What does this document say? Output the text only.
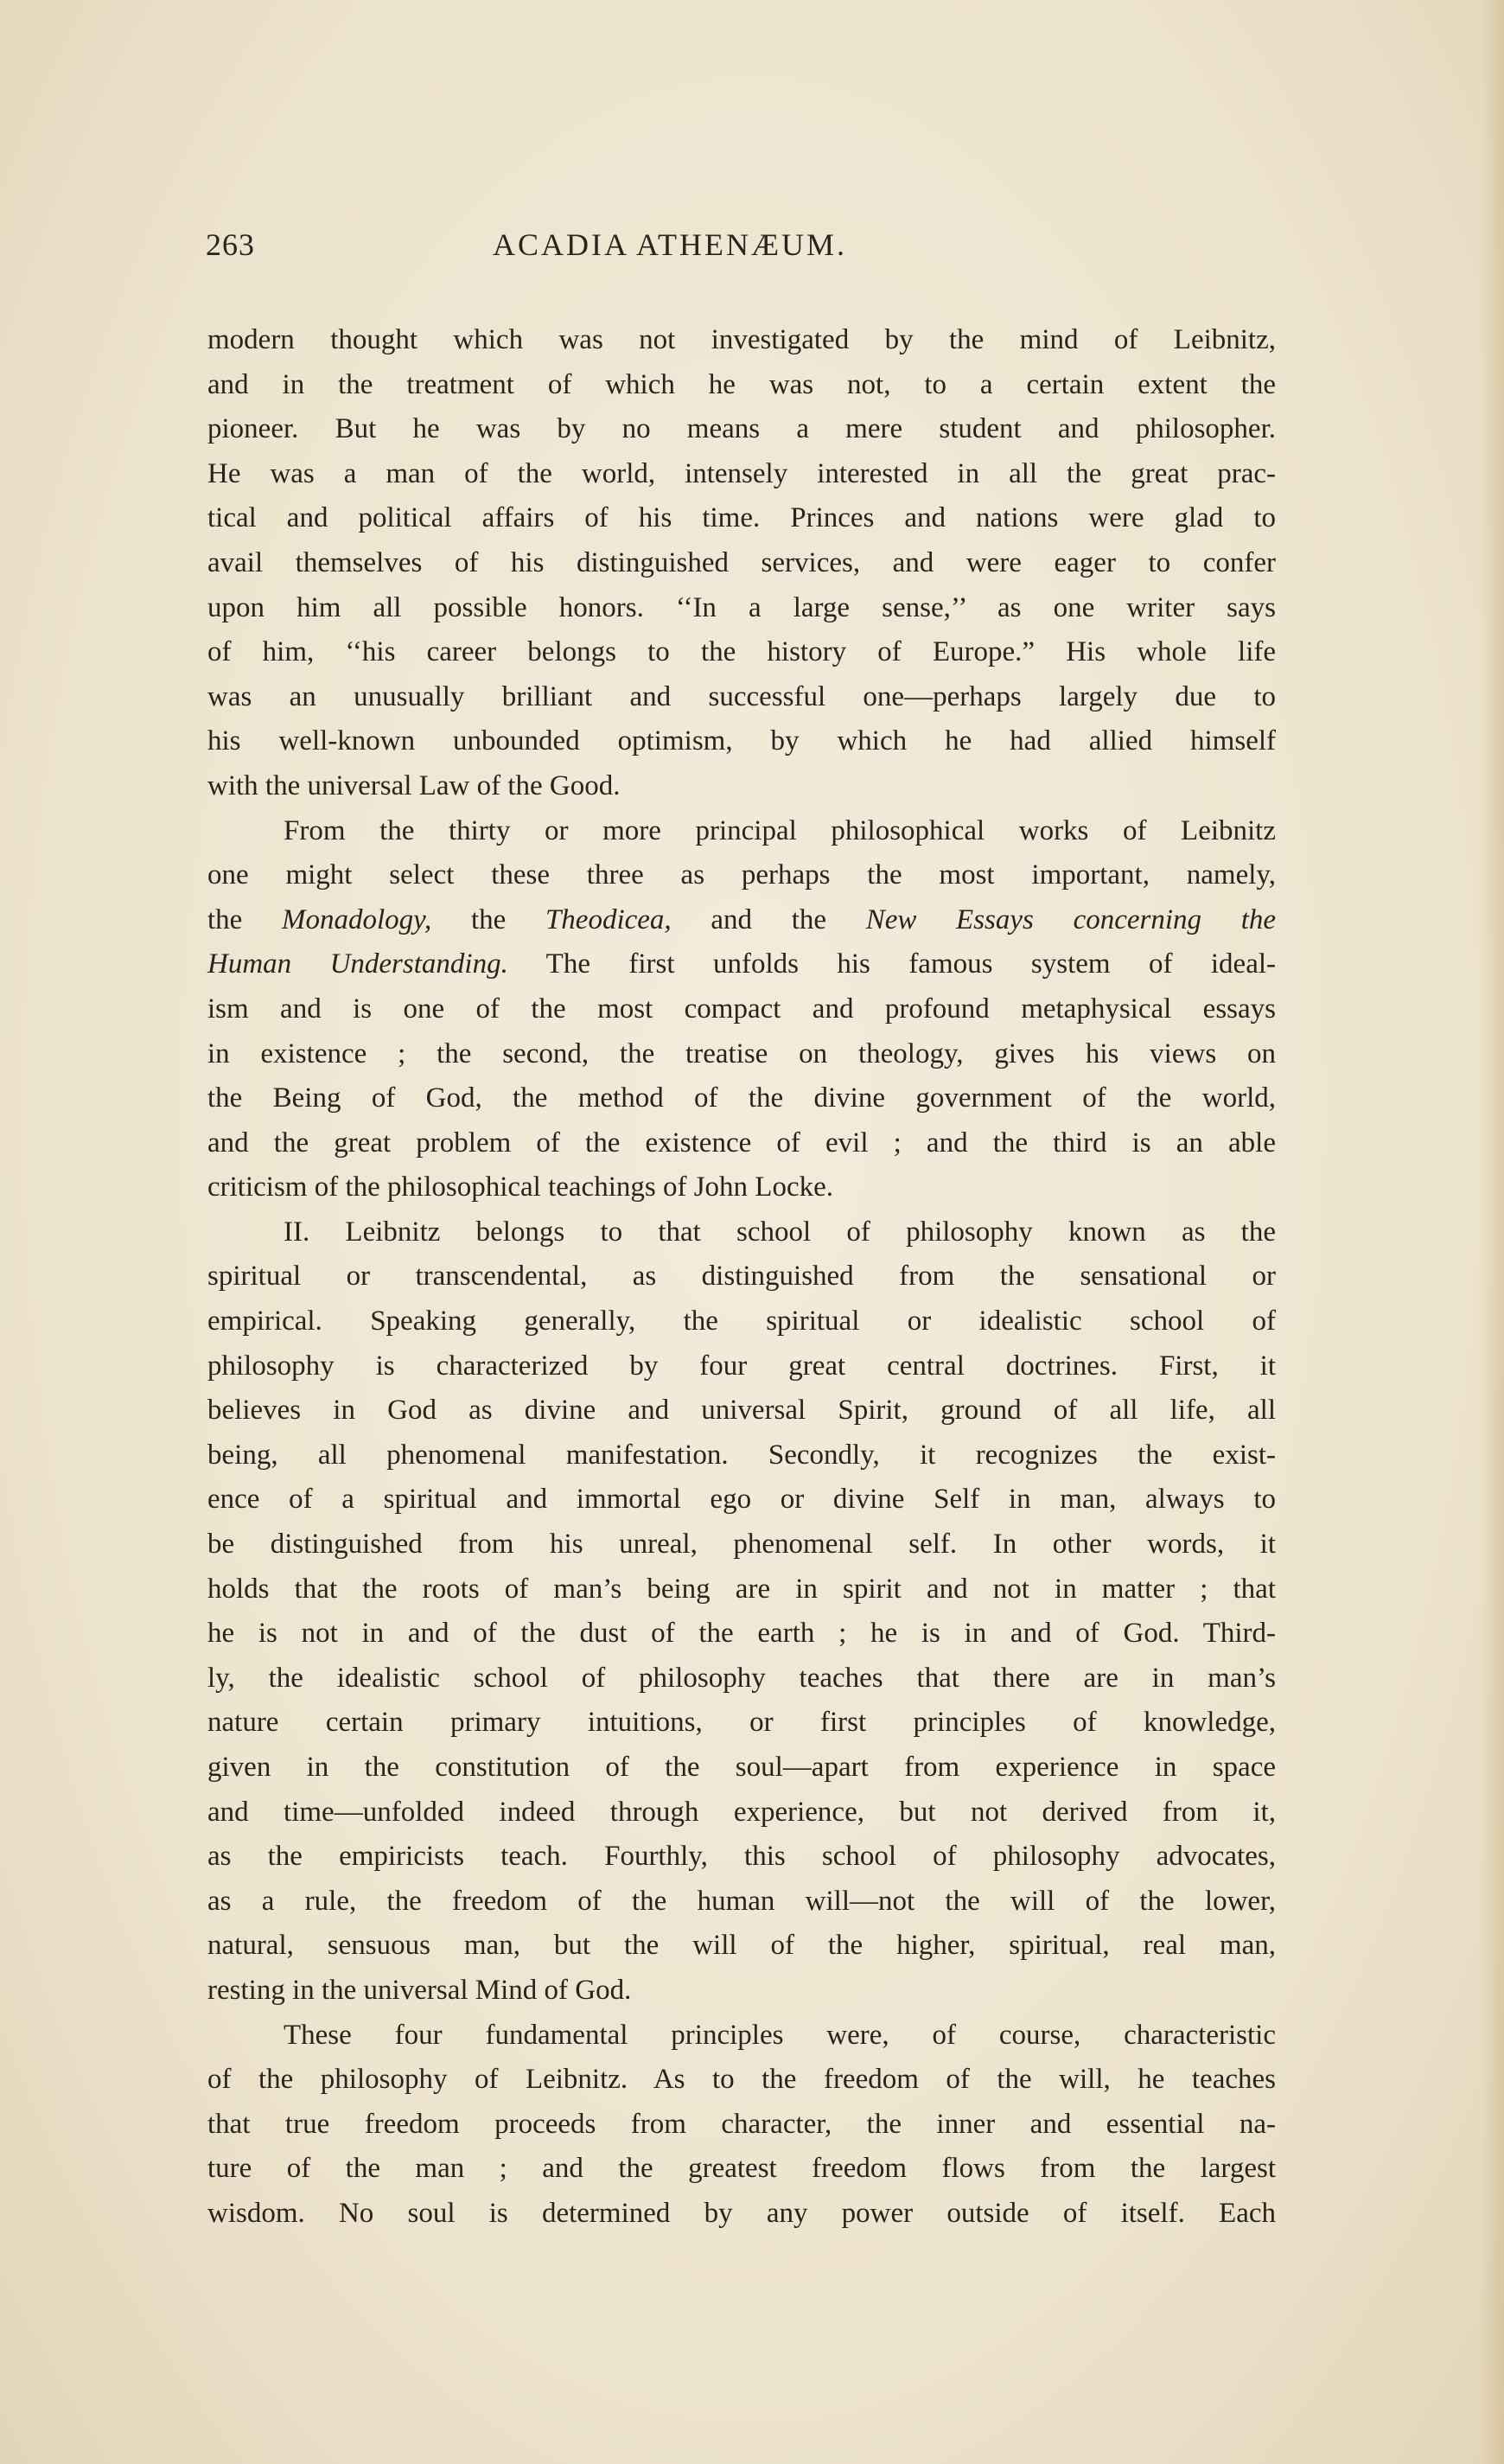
263	ACADIA ATHENÆUM.
modern thought which was not investigated by the mind of Leibnitz,
and in the treatment of which he was not, to a certain extent the
pioneer. But he was by no means a mere student and philosopher.
He was a man of the world, intensely interested in all the great prac-
tical and political affairs of his time. Princes and nations were glad to
avail themselves of his distinguished services, and were eager to confer
upon him all possible honors. ‘‘In a large sense,’’ as one writer says
of him, ‘‘his career belongs to the history of Europe.” His whole life
was an unusually brilliant and successful one—perhaps largely due to
his well-known unbounded optimism, by which he had allied himself
with the universal Law of the Good.
From the thirty or more principal philosophical works of Leibnitz
one might select these three as perhaps the most important, namely,
the Monadology, the Theodicea, and the New Essays concerning the
Human Understanding. The first unfolds his famous system of ideal-
ism and is one of the most compact and profound metaphysical essays
in existence ; the second, the treatise on theology, gives his views on
the Being of God, the method of the divine government of the world,
and the great problem of the existence of evil ; and the third is an able
criticism of the philosophical teachings of John Locke.
II. Leibnitz belongs to that school of philosophy known as the
spiritual or transcendental, as distinguished from the sensational or
empirical. Speaking generally, the spiritual or idealistic school of
philosophy is characterized by four great central doctrines. First, it
believes in God as divine and universal Spirit, ground of all life, all
being, all phenomenal manifestation. Secondly, it recognizes the exist-
ence of a spiritual and immortal ego or divine Self in man, always to
be distinguished from his unreal, phenomenal self. In other words, it
holds that the roots of man’s being are in spirit and not in matter ; that
he is not in and of the dust of the earth ; he is in and of God. Third-
ly, the idealistic school of philosophy teaches that there are in man’s
nature certain primary intuitions, or first principles of knowledge,
given in the constitution of the soul—apart from experience in space
and time—unfolded indeed through experience, but not derived from it,
as the empiricists teach. Fourthly, this school of philosophy advocates,
as a rule, the freedom of the human will—not the will of the lower,
natural, sensuous man, but the will of the higher, spiritual, real man,
resting in the universal Mind of God.
These four fundamental principles were, of course, characteristic
of the philosophy of Leibnitz. As to the freedom of the will, he teaches
that true freedom proceeds from character, the inner and essential na-
ture of the man ; and the greatest freedom flows from the largest
wisdom. No soul is determined by any power outside of itself. Each
